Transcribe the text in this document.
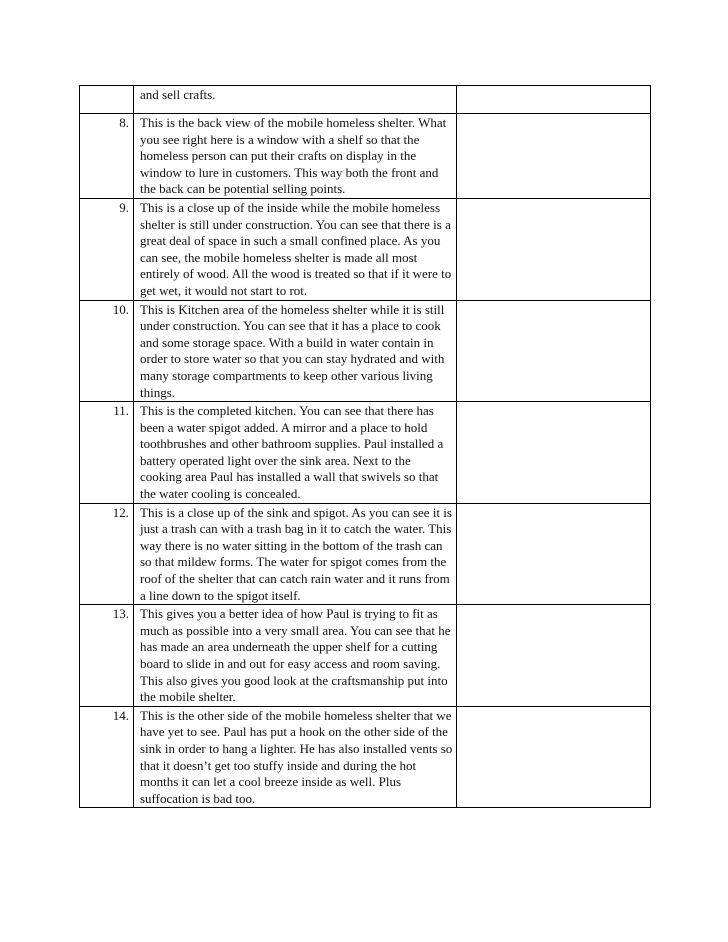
	and sell crafts.	

8.	This is the back view of the mobile homeless shelter. What you see right here is a window with a shelf so that the homeless person can put their crafts on display in the window to lure in customers. This way both the front and the back can be potential selling points.	

9.	This is a close up of the inside while the mobile homeless shelter is still under construction. You can see that there is a great deal of space in such a small confined place. As you can see, the mobile homeless shelter is made all most entirely of wood. All the wood is treated so that if it were to get wet, it would not start to rot.	

10.	This is Kitchen area of the homeless shelter while it is still under construction. You can see that it has a place to cook and some storage space. With a build in water contain in order to store water so that you can stay hydrated and with many storage compartments to keep other various living things.	

11.	This is the completed kitchen. You can see that there has been a water spigot added. A mirror and a place to hold toothbrushes and other bathroom supplies. Paul installed a battery operated light over the sink area. Next to the cooking area Paul has installed a wall that swivels so that the water cooling is concealed.	

12.	This is a close up of the sink and spigot. As you can see it is just a trash can with a trash bag in it to catch the water. This way there is no water sitting in the bottom of the trash can so that mildew forms. The water for spigot comes from the roof of the shelter that can catch rain water and it runs from a line down to the spigot itself.	

13.	This gives you a better idea of how Paul is trying to fit as much as possible into a very small area. You can see that he has made an area underneath the upper shelf for a cutting board to slide in and out for easy access and room saving. This also gives you good look at the craftsmanship put into the mobile shelter.	

14.	This is the other side of the mobile homeless shelter that we have yet to see. Paul has put a hook on the other side of the sink in order to hang a lighter. He has also installed vents so that it doesn’t get too stuffy inside and during the hot months it can let a cool breeze inside as well. Plus suffocation is bad too.	
